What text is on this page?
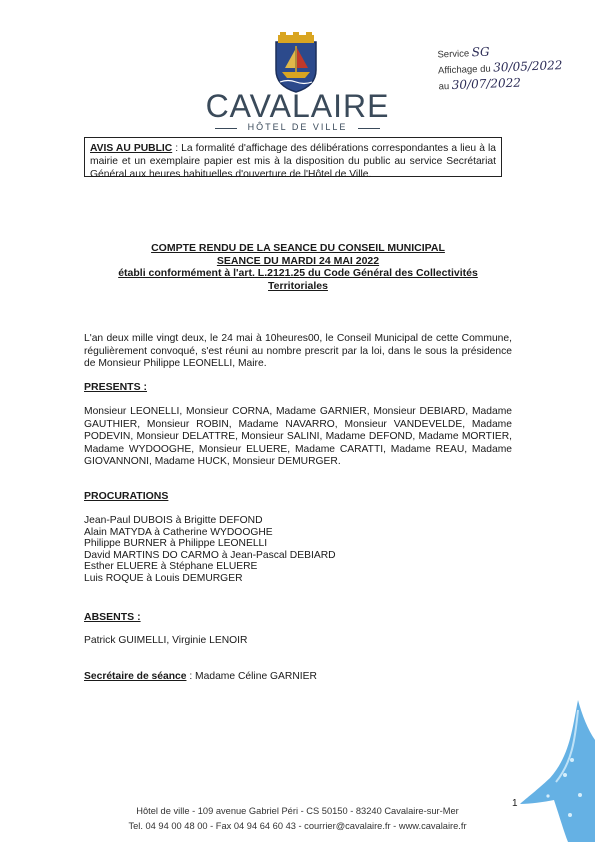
CAVALAIRE
HÔTEL DE VILLE
Service SG
Affichage du 30/05/2022
au 30/07/2022
AVIS AU PUBLIC : La formalité d'affichage des délibérations correspondantes a lieu à la mairie et un exemplaire papier est mis à la disposition du public au service Secrétariat Général aux heures habituelles d'ouverture de l'Hôtel de Ville.
COMPTE RENDU DE LA SEANCE DU CONSEIL MUNICIPAL
SEANCE DU MARDI 24 MAI 2022
établi conformément à l'art. L.2121.25 du Code Général des Collectivités
Territoriales
L'an deux mille vingt deux, le 24 mai à 10heures00, le Conseil Municipal de cette Commune, régulièrement convoqué, s'est réuni au nombre prescrit par la loi, dans le sous la présidence de Monsieur Philippe LEONELLI, Maire.
PRESENTS :
Monsieur LEONELLI, Monsieur CORNA, Madame GARNIER, Monsieur DEBIARD, Madame GAUTHIER, Monsieur ROBIN, Madame NAVARRO, Monsieur VANDEVELDE, Madame PODEVIN, Monsieur DELATTRE, Monsieur SALINI, Madame DEFOND, Madame MORTIER, Madame WYDOOGHE, Monsieur ELUERE, Madame CARATTI, Madame REAU, Madame GIOVANNONI, Madame HUCK, Monsieur DEMURGER.
PROCURATIONS
Jean-Paul DUBOIS à Brigitte DEFOND
Alain MATYDA à Catherine WYDOOGHE
Philippe BURNER à Philippe LEONELLI
David MARTINS DO CARMO à Jean-Pascal DEBIARD
Esther ELUERE à Stéphane ELUERE
Luis ROQUE à Louis DEMURGER
ABSENTS :
Patrick GUIMELLI, Virginie LENOIR
Secrétaire de séance : Madame Céline GARNIER
1
Hôtel de ville - 109 avenue Gabriel Péri - CS 50150 - 83240 Cavalaire-sur-Mer
Tel. 04 94 00 48 00 - Fax 04 94 64 60 43 - courrier@cavalaire.fr - www.cavalaire.fr
